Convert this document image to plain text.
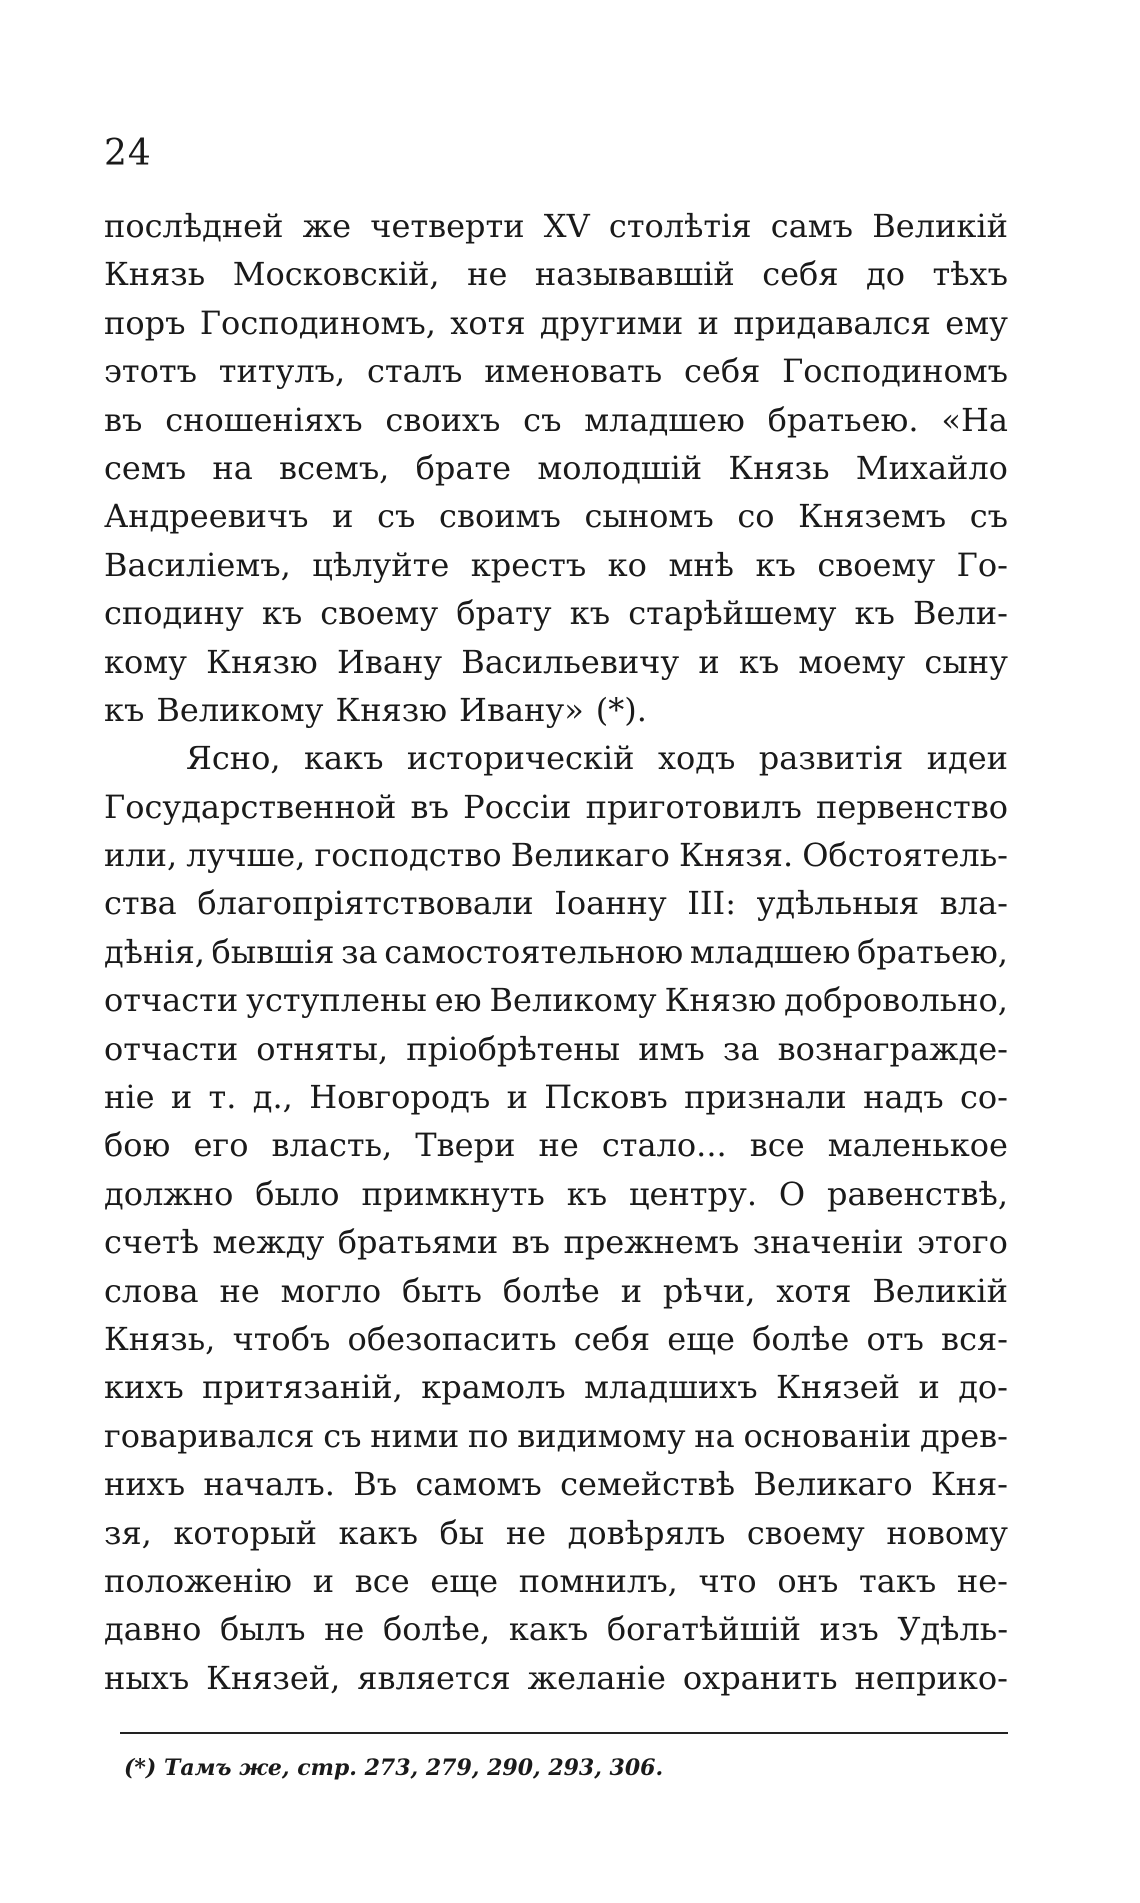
24
послѣдней же четверти XV столѣтія самъ Великій
Князь Московскій, не называвшій себя до тѣхъ
поръ Господиномъ, хотя другими и придавался ему
этотъ титулъ, сталъ именовать себя Господиномъ
въ сношеніяхъ своихъ съ младшею братьею. «На
семъ на всемъ, брате молодшій Князь Михайло
Андреевичъ и съ своимъ сыномъ со Княземъ съ
Василіемъ, цѣлуйте крестъ ко мнѣ къ своему Го-
сподину къ своему брату къ старѣйшему къ Вели-
кому Князю Ивану Васильевичу и къ моему сыну
къ Великому Князю Ивану» (*).
Ясно, какъ историческій ходъ развитія идеи
Государственной въ Россіи приготовилъ первенство
или, лучше, господство Великаго Князя. Обстоятель-
ства благопріятствовали Іоанну III: удѣльныя вла-
дѣнія, бывшія за самостоятельною младшею братьею,
отчасти уступлены ею Великому Князю добровольно,
отчасти отняты, пріобрѣтены имъ за вознагражде-
ніе и т. д., Новгородъ и Псковъ признали надъ со-
бою его власть, Твери не стало... все маленькое
должно было примкнуть къ центру. О равенствѣ,
счетѣ между братьями въ прежнемъ значеніи этого
слова не могло быть болѣе и рѣчи, хотя Великій
Князь, чтобъ обезопасить себя еще болѣе отъ вся-
кихъ притязаній, крамолъ младшихъ Князей и до-
говаривался съ ними по видимому на основаніи древ-
нихъ началъ. Въ самомъ семействѣ Великаго Кня-
зя, который какъ бы не довѣрялъ своему новому
положенію и все еще помнилъ, что онъ такъ не-
давно былъ не болѣе, какъ богатѣйшій изъ Удѣль-
ныхъ Князей, является желаніе охранить неприко-
(*) Тамъ же, стр. 273, 279, 290, 293, 306.
